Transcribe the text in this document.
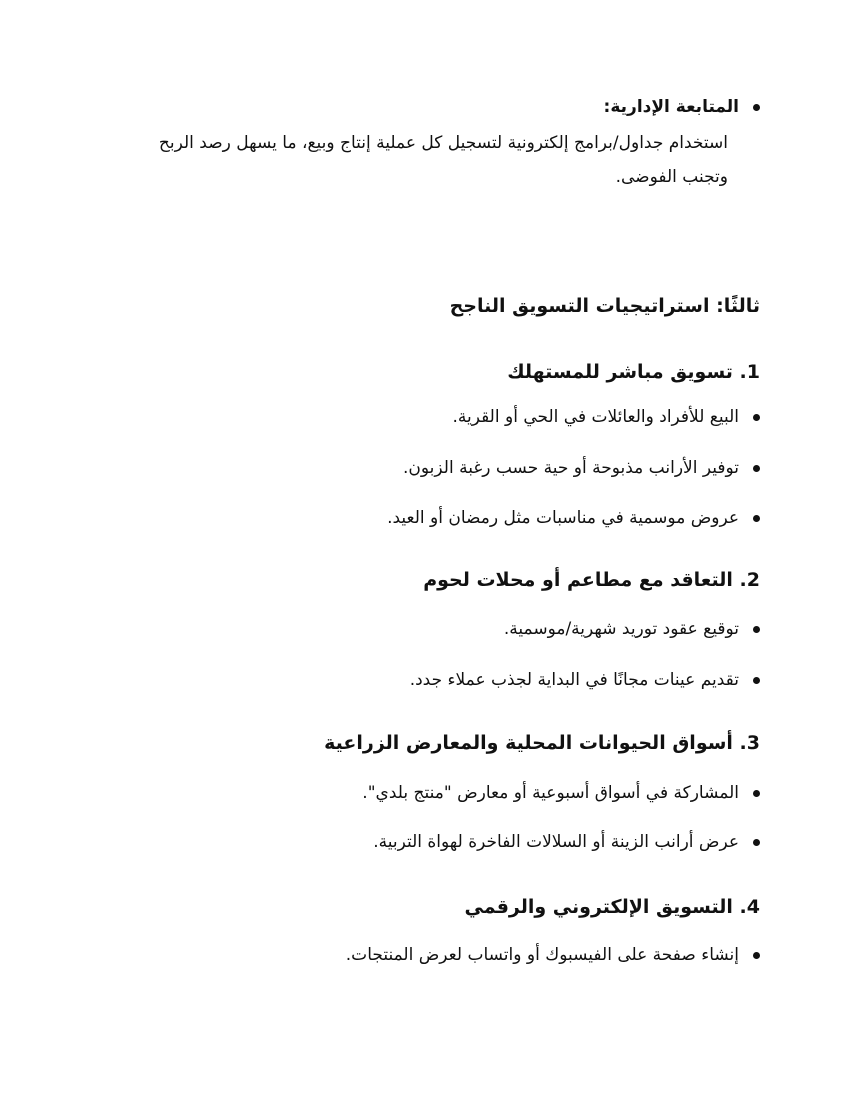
المتابعة الإدارية:
استخدام جداول/برامج إلكترونية لتسجيل كل عملية إنتاج وبيع، ما يسهل رصد الربح وتجنب الفوضى.
ثالثًا: استراتيجيات التسويق الناجح
1. تسويق مباشر للمستهلك
البيع للأفراد والعائلات في الحي أو القرية.
توفير الأرانب مذبوحة أو حية حسب رغبة الزبون.
عروض موسمية في مناسبات مثل رمضان أو العيد.
2. التعاقد مع مطاعم أو محلات لحوم
توقيع عقود توريد شهرية/موسمية.
تقديم عينات مجانًا في البداية لجذب عملاء جدد.
3. أسواق الحيوانات المحلية والمعارض الزراعية
المشاركة في أسواق أسبوعية أو معارض "منتج بلدي".
عرض أرانب الزينة أو السلالات الفاخرة لهواة التربية.
4. التسويق الإلكتروني والرقمي
إنشاء صفحة على الفيسبوك أو واتساب لعرض المنتجات.
